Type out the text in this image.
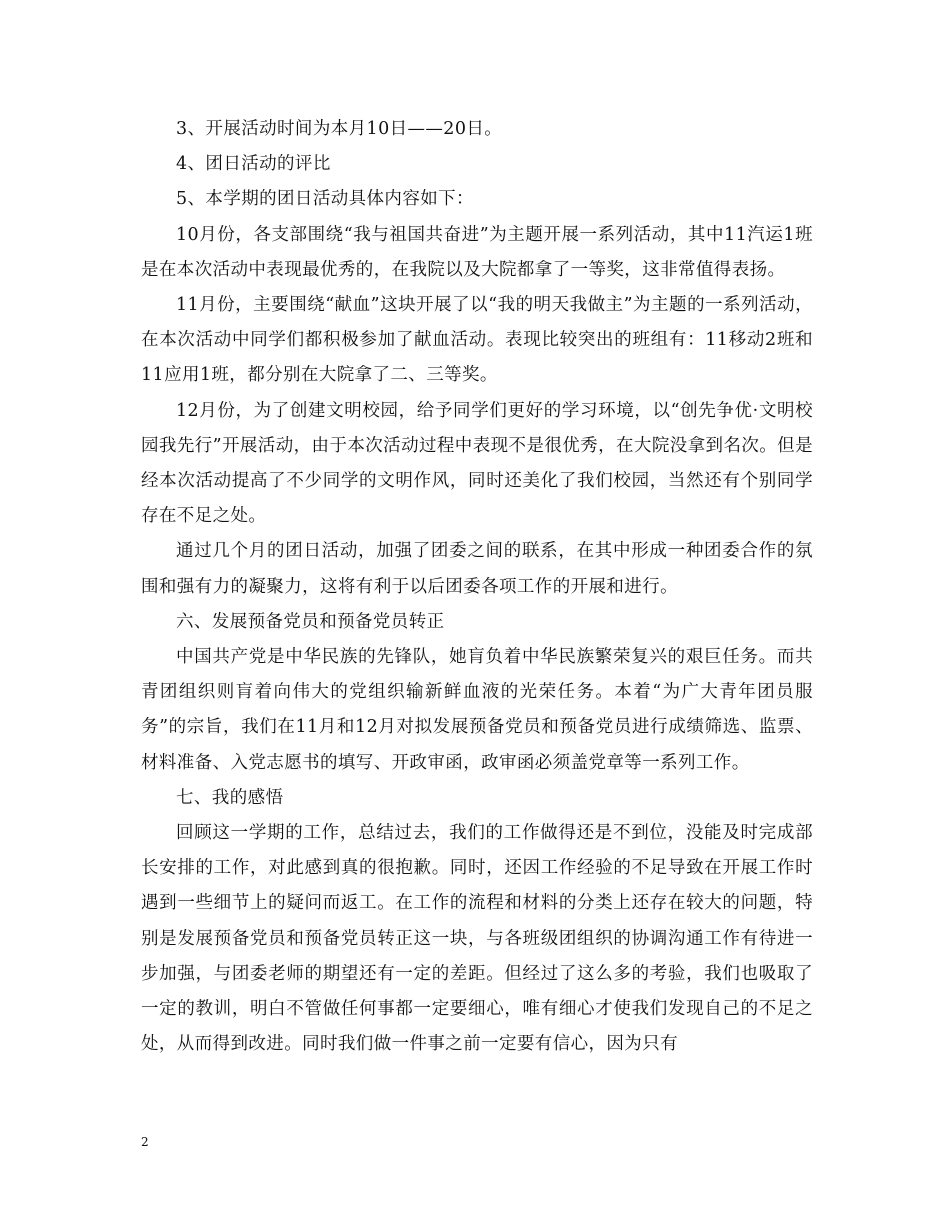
3、开展活动时间为本月10日——20日。

4、团日活动的评比

5、本学期的团日活动具体内容如下：

10月份，各支部围绕“我与祖国共奋进”为主题开展一系列活动，其中11汽运1班是在本次活动中表现最优秀的，在我院以及大院都拿了一等奖，这非常值得表扬。

11月份，主要围绕“献血”这块开展了以“我的明天我做主”为主题的一系列活动，在本次活动中同学们都积极参加了献血活动。表现比较突出的班组有：11移动2班和11应用1班，都分别在大院拿了二、三等奖。

12月份，为了创建文明校园，给予同学们更好的学习环境，以“创先争优·文明校园我先行”开展活动，由于本次活动过程中表现不是很优秀，在大院没拿到名次。但是经本次活动提高了不少同学的文明作风，同时还美化了我们校园，当然还有个别同学存在不足之处。

通过几个月的团日活动，加强了团委之间的联系，在其中形成一种团委合作的氛围和强有力的凝聚力，这将有利于以后团委各项工作的开展和进行。

六、发展预备党员和预备党员转正

中国共产党是中华民族的先锋队，她肓负着中华民族繁荣复兴的艰巨任务。而共青团组织则肓着向伟大的党组织输新鲜血液的光荣任务。本着“为广大青年团员服务”的宗旨，我们在11月和12月对拟发展预备党员和预备党员进行成绩筛选、监票、材料准备、入党志愿书的填写、开政审函，政审函必须盖党章等一系列工作。

七、我的感悟

回顾这一学期的工作，总结过去，我们的工作做得还是不到位，没能及时完成部长安排的工作，对此感到真的很抱歉。同时，还因工作经验的不足导致在开展工作时遇到一些细节上的疑问而返工。在工作的流程和材料的分类上还存在较大的问题，特别是发展预备党员和预备党员转正这一块，与各班级团组织的协调沟通工作有待进一步加强，与团委老师的期望还有一定的差距。但经过了这么多的考验，我们也吸取了一定的教训，明白不管做任何事都一定要细心，唯有细心才使我们发现自己的不足之处，从而得到改进。同时我们做一件事之前一定要有信心，因为只有

2
